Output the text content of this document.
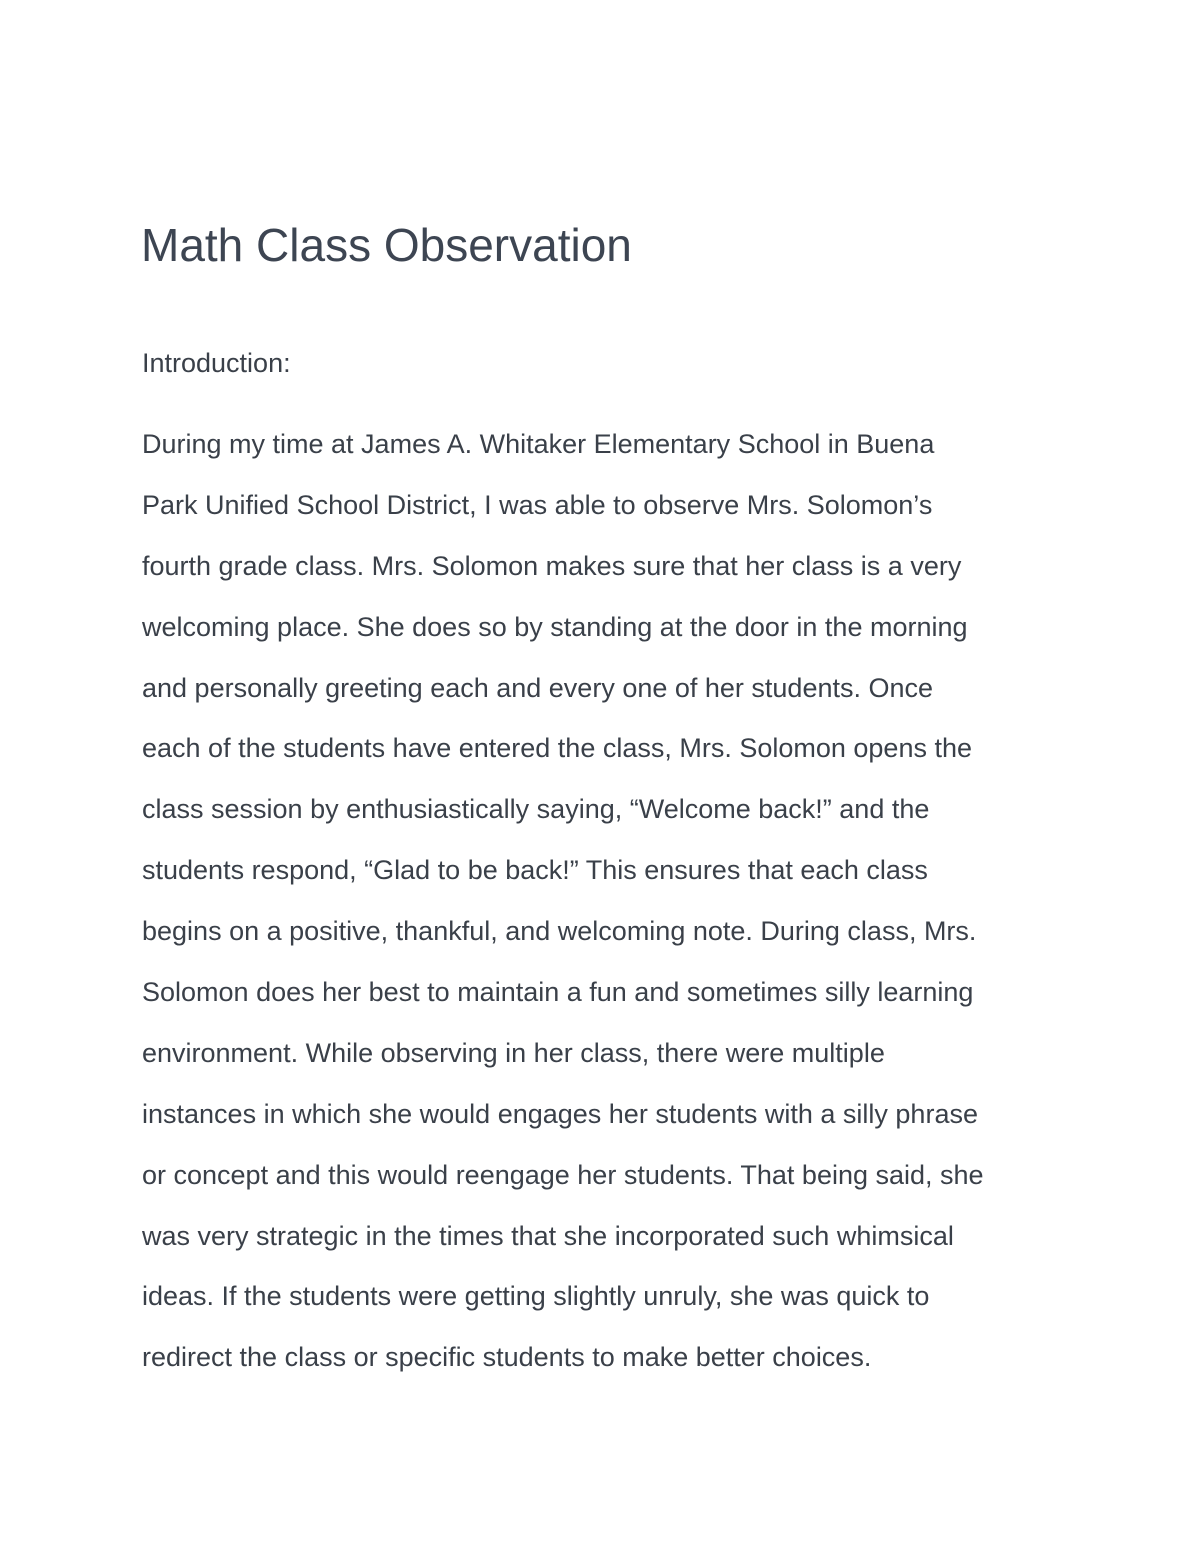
Math Class Observation
Introduction:
During my time at James A. Whitaker Elementary School in Buena
Park Unified School District, I was able to observe Mrs. Solomon’s
fourth grade class. Mrs. Solomon makes sure that her class is a very
welcoming place. She does so by standing at the door in the morning
and personally greeting each and every one of her students. Once
each of the students have entered the class, Mrs. Solomon opens the
class session by enthusiastically saying, “Welcome back!” and the
students respond, “Glad to be back!” This ensures that each class
begins on a positive, thankful, and welcoming note. During class, Mrs.
Solomon does her best to maintain a fun and sometimes silly learning
environment. While observing in her class, there were multiple
instances in which she would engages her students with a silly phrase
or concept and this would reengage her students. That being said, she
was very strategic in the times that she incorporated such whimsical
ideas. If the students were getting slightly unruly, she was quick to
redirect the class or specific students to make better choices.
